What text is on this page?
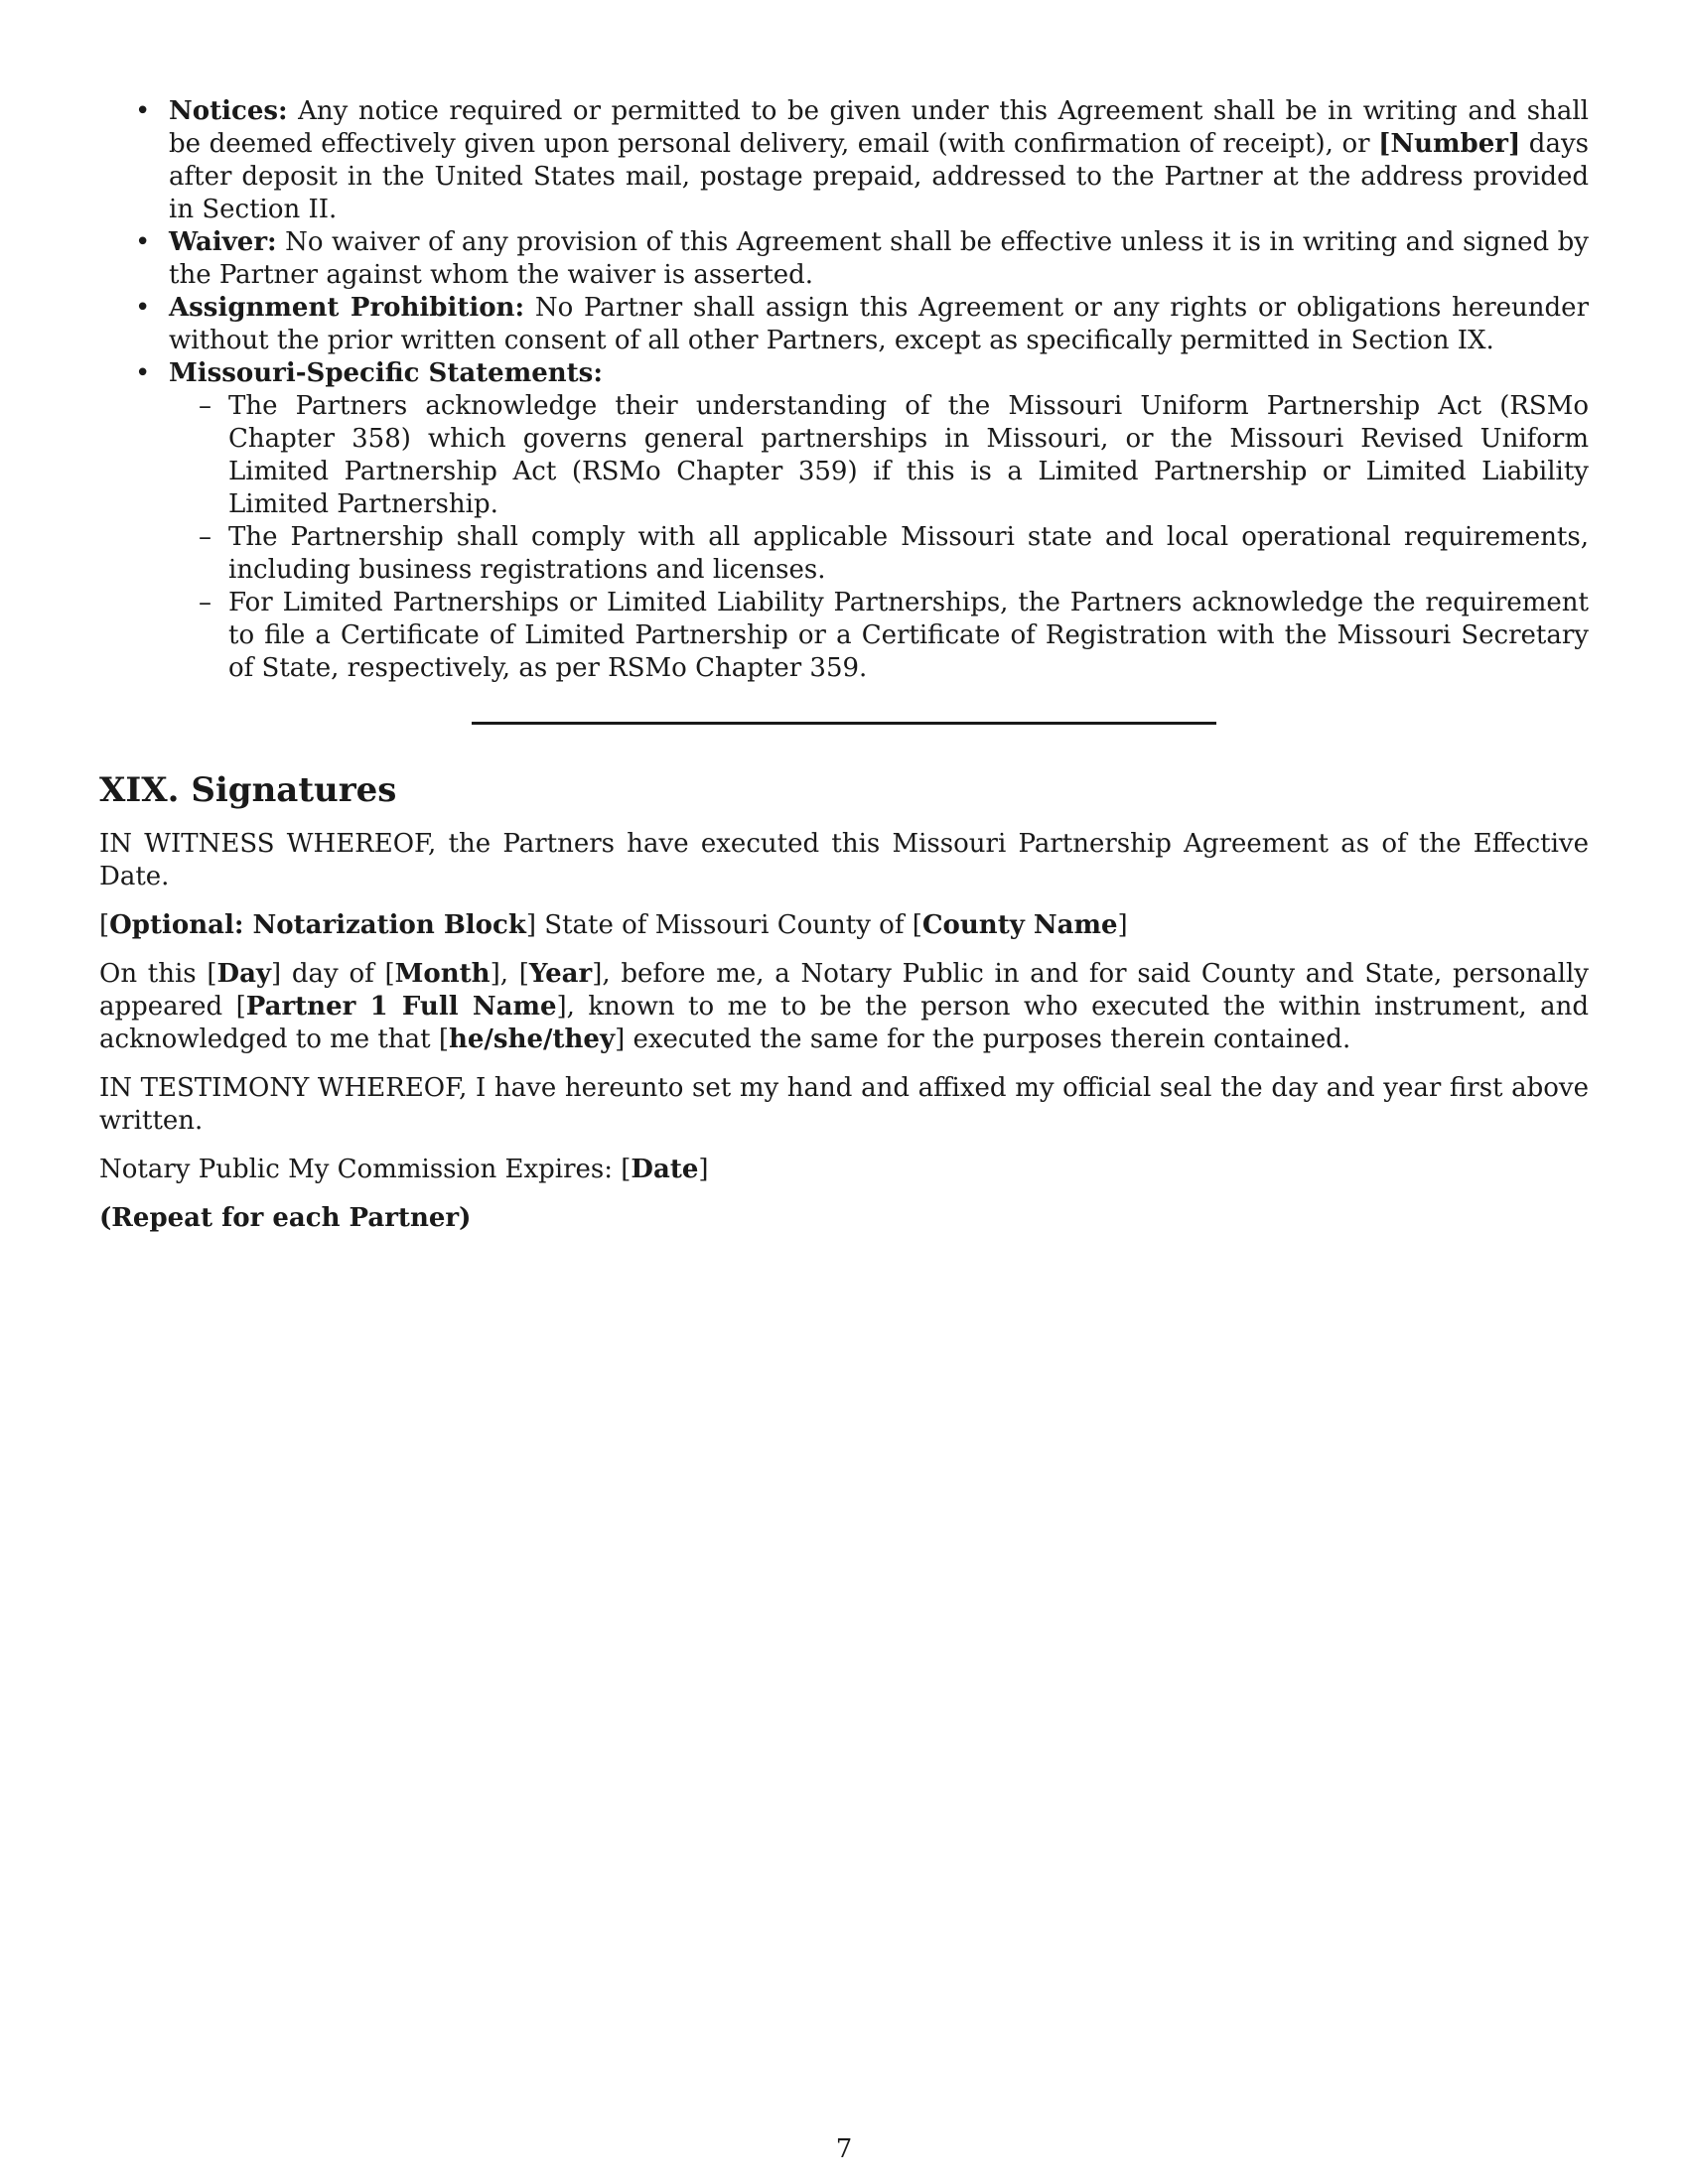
• Notices: Any notice required or permitted to be given under this Agreement shall be in writing and shall be deemed effectively given upon personal delivery, email (with confirmation of receipt), or [Number] days after deposit in the United States mail, postage prepaid, addressed to the Partner at the address provided in Section II.
• Waiver: No waiver of any provision of this Agreement shall be effective unless it is in writing and signed by the Partner against whom the waiver is asserted.
• Assignment Prohibition: No Partner shall assign this Agreement or any rights or obligations hereunder without the prior written consent of all other Partners, except as specifically permitted in Section IX.
• Missouri-Specific Statements:
– The Partners acknowledge their understanding of the Missouri Uniform Partnership Act (RSMo Chapter 358) which governs general partnerships in Missouri, or the Missouri Revised Uniform Limited Partnership Act (RSMo Chapter 359) if this is a Limited Partnership or Limited Liability Limited Partnership.
– The Partnership shall comply with all applicable Missouri state and local operational requirements, including business registrations and licenses.
– For Limited Partnerships or Limited Liability Partnerships, the Partners acknowledge the requirement to file a Certificate of Limited Partnership or a Certificate of Registration with the Missouri Secretary of State, respectively, as per RSMo Chapter 359.
XIX. Signatures

IN WITNESS WHEREOF, the Partners have executed this Missouri Partnership Agreement as of the Effective Date.

[Optional: Notarization Block] State of Missouri County of [County Name]

On this [Day] day of [Month], [Year], before me, a Notary Public in and for said County and State, personally appeared [Partner 1 Full Name], known to me to be the person who executed the within instrument, and acknowledged to me that [he/she/they] executed the same for the purposes therein contained.

IN TESTIMONY WHEREOF, I have hereunto set my hand and affixed my official seal the day and year first above written.

Notary Public My Commission Expires: [Date]

(Repeat for each Partner)

7
